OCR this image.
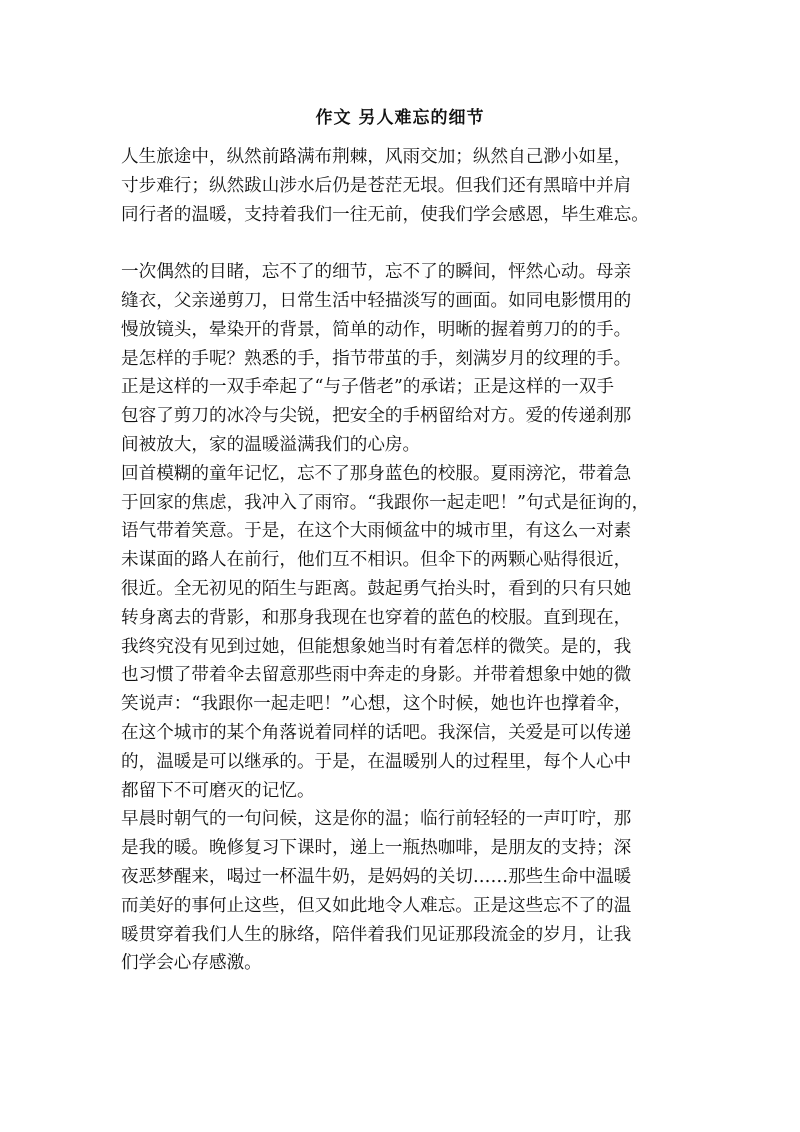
作文 另人难忘的细节
人生旅途中，纵然前路满布荆棘，风雨交加；纵然自己渺小如星，
寸步难行；纵然跋山涉水后仍是苍茫无垠。但我们还有黑暗中并肩
同行者的温暖，支持着我们一往无前，使我们学会感恩，毕生难忘。
一次偶然的目睹，忘不了的细节，忘不了的瞬间，怦然心动。母亲
缝衣，父亲递剪刀，日常生活中轻描淡写的画面。如同电影惯用的
慢放镜头，晕染开的背景，简单的动作，明晰的握着剪刀的的手。
是怎样的手呢？熟悉的手，指节带茧的手，刻满岁月的纹理的手。
正是这样的一双手牵起了“与子偕老”的承诺；正是这样的一双手
包容了剪刀的冰冷与尖锐，把安全的手柄留给对方。爱的传递刹那
间被放大，家的温暖溢满我们的心房。
回首模糊的童年记忆，忘不了那身蓝色的校服。夏雨滂沱，带着急
于回家的焦虑，我冲入了雨帘。“我跟你一起走吧！”句式是征询的，
语气带着笑意。于是，在这个大雨倾盆中的城市里，有这么一对素
未谋面的路人在前行，他们互不相识。但伞下的两颗心贴得很近，
很近。全无初见的陌生与距离。鼓起勇气抬头时，看到的只有只她
转身离去的背影，和那身我现在也穿着的蓝色的校服。直到现在，
我终究没有见到过她，但能想象她当时有着怎样的微笑。是的，我
也习惯了带着伞去留意那些雨中奔走的身影。并带着想象中她的微
笑说声：“我跟你一起走吧！”心想，这个时候，她也许也撑着伞，
在这个城市的某个角落说着同样的话吧。我深信，关爱是可以传递
的，温暖是可以继承的。于是，在温暖别人的过程里，每个人心中
都留下不可磨灭的记忆。
早晨时朝气的一句问候，这是你的温；临行前轻轻的一声叮咛，那
是我的暖。晚修复习下课时，递上一瓶热咖啡，是朋友的支持；深
夜恶梦醒来，喝过一杯温牛奶，是妈妈的关切……那些生命中温暖
而美好的事何止这些，但又如此地令人难忘。正是这些忘不了的温
暖贯穿着我们人生的脉络，陪伴着我们见证那段流金的岁月，让我
们学会心存感激。
